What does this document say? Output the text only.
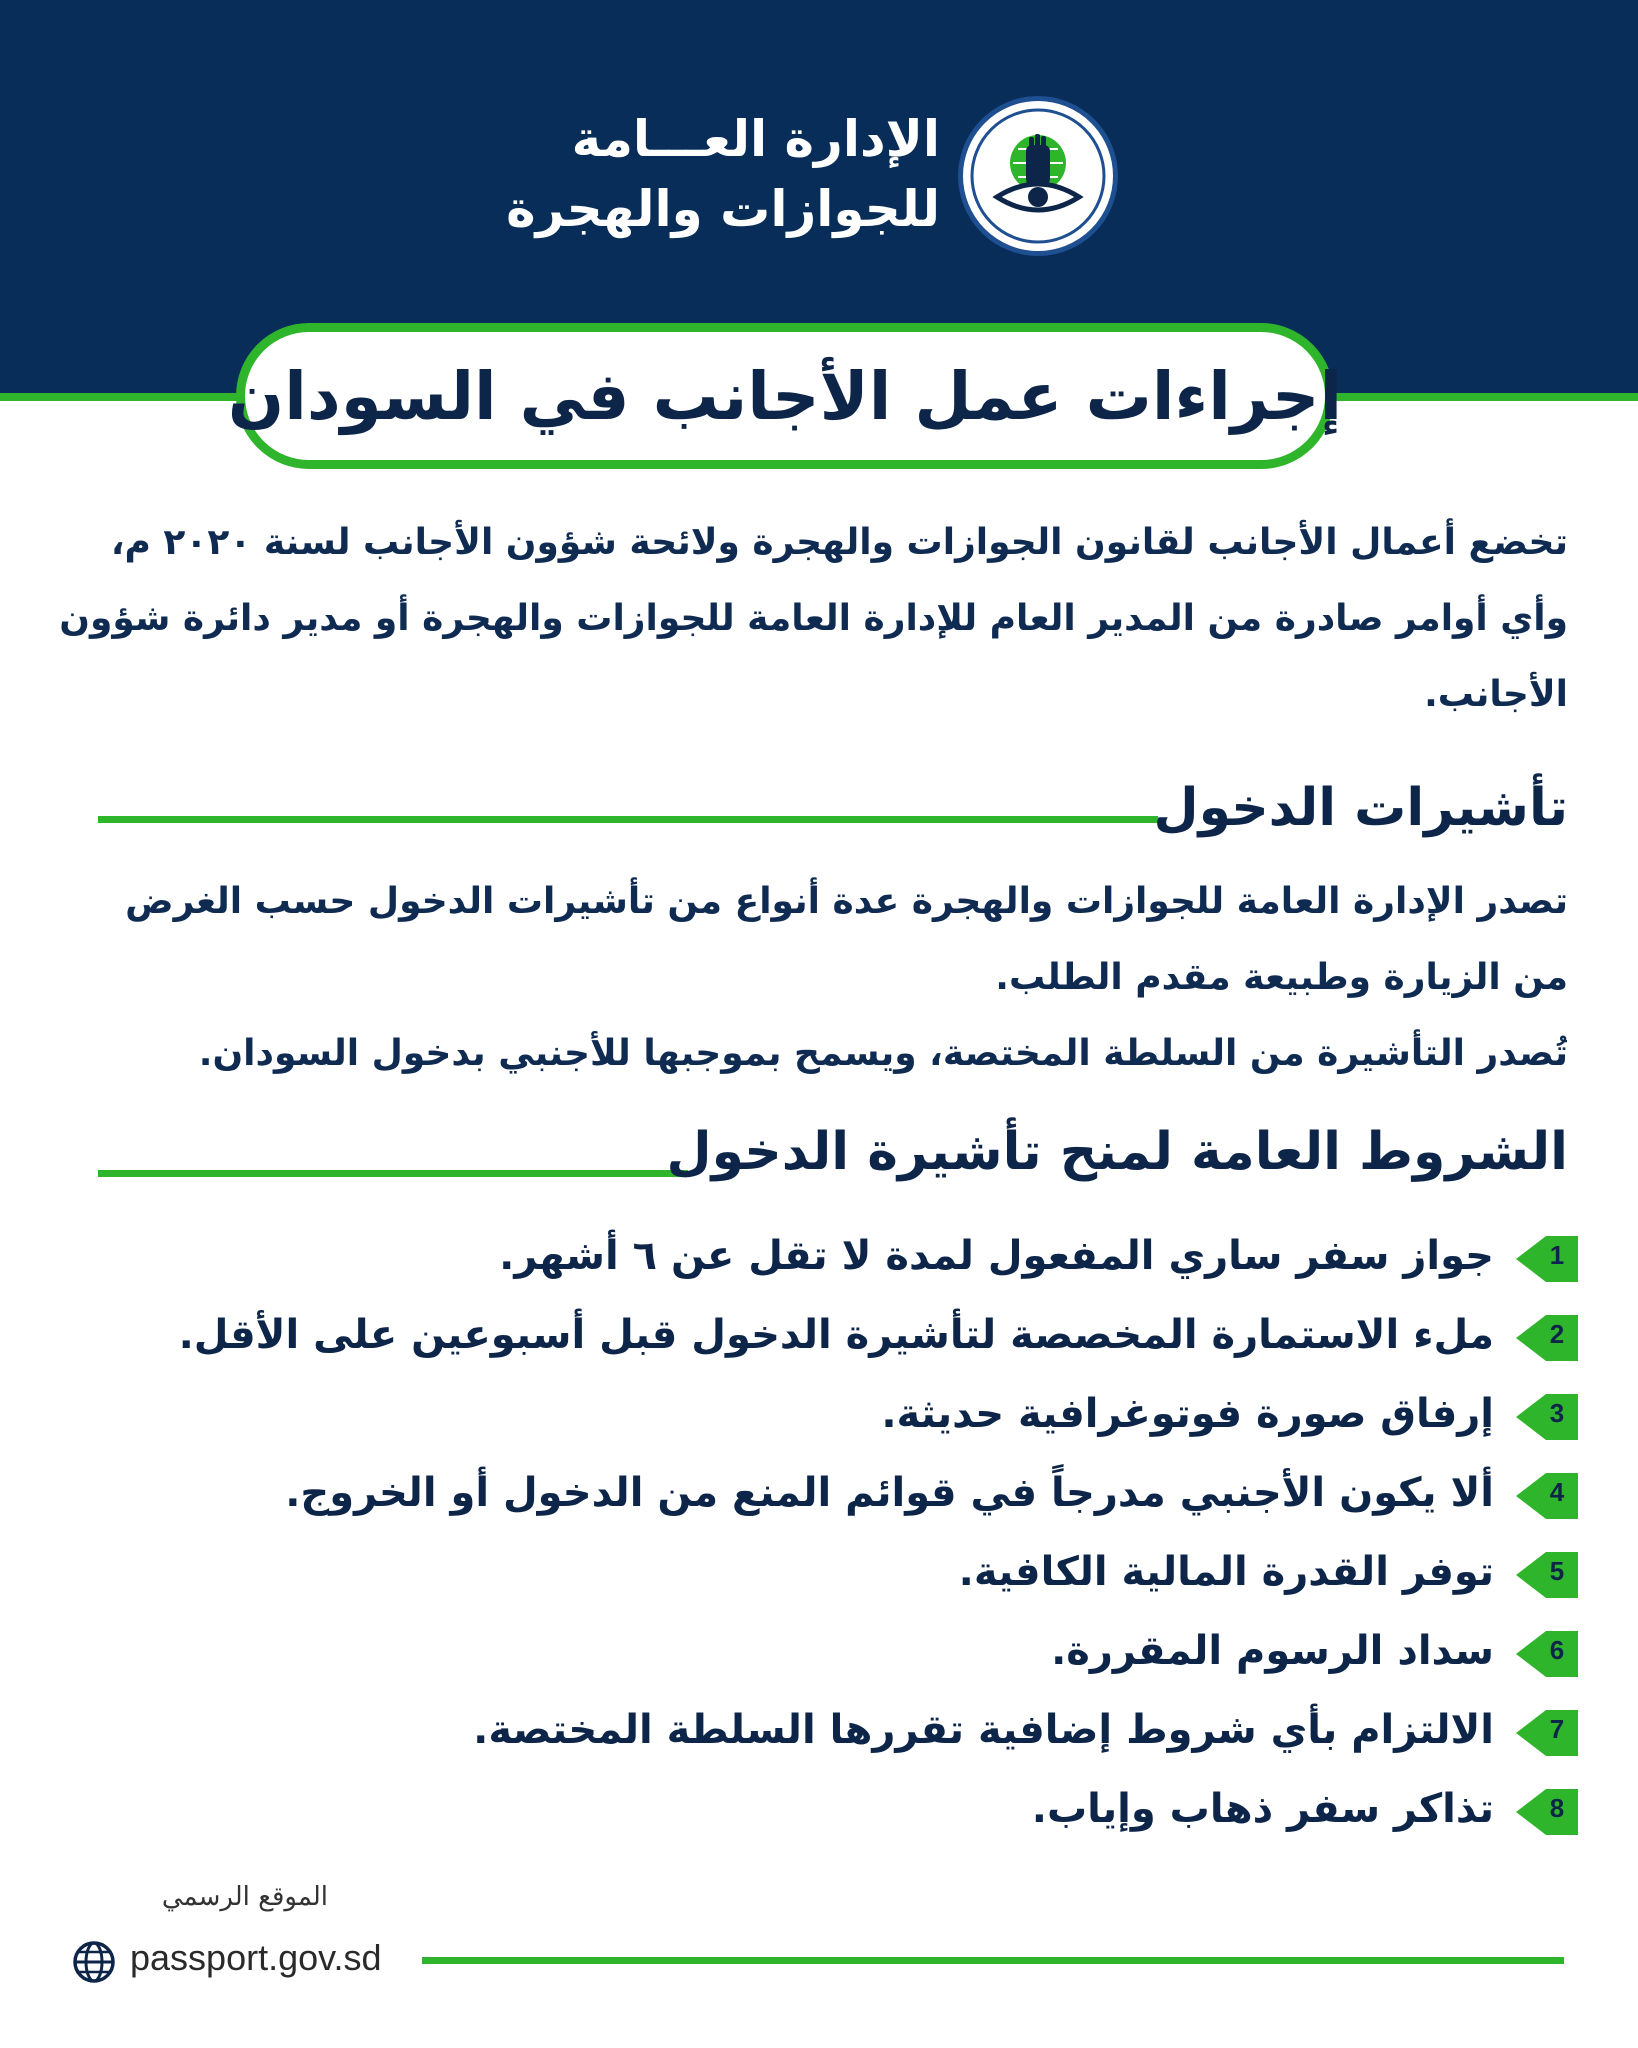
الإدارة العـــامة
للجوازات والهجرة
إجراءات عمل الأجانب في السودان
تخضع أعمال الأجانب لقانون الجوازات والهجرة ولائحة شؤون الأجانب لسنة ٢٠٢٠ م، وأي أوامر صادرة من المدير العام للإدارة العامة للجوازات والهجرة أو مدير دائرة شؤون الأجانب.
تأشيرات الدخول

تصدر الإدارة العامة للجوازات والهجرة عدة أنواع من تأشيرات الدخول حسب الغرض من الزيارة وطبيعة مقدم الطلب.

تُصدر التأشيرة من السلطة المختصة، ويسمح بموجبها للأجنبي بدخول السودان.

الشروط العامة لمنح تأشيرة الدخول
1
جواز سفر ساري المفعول لمدة لا تقل عن ٦ أشهر.
2
ملء الاستمارة المخصصة لتأشيرة الدخول قبل أسبوعين على الأقل.
3
إرفاق صورة فوتوغرافية حديثة.
4
ألا يكون الأجنبي مدرجاً في قوائم المنع من الدخول أو الخروج.
5
توفر القدرة المالية الكافية.
6
سداد الرسوم المقررة.
7
الالتزام بأي شروط إضافية تقررها السلطة المختصة.
8
تذاكر سفر ذهاب وإياب.
الموقع الرسمي
passport.gov.sd
